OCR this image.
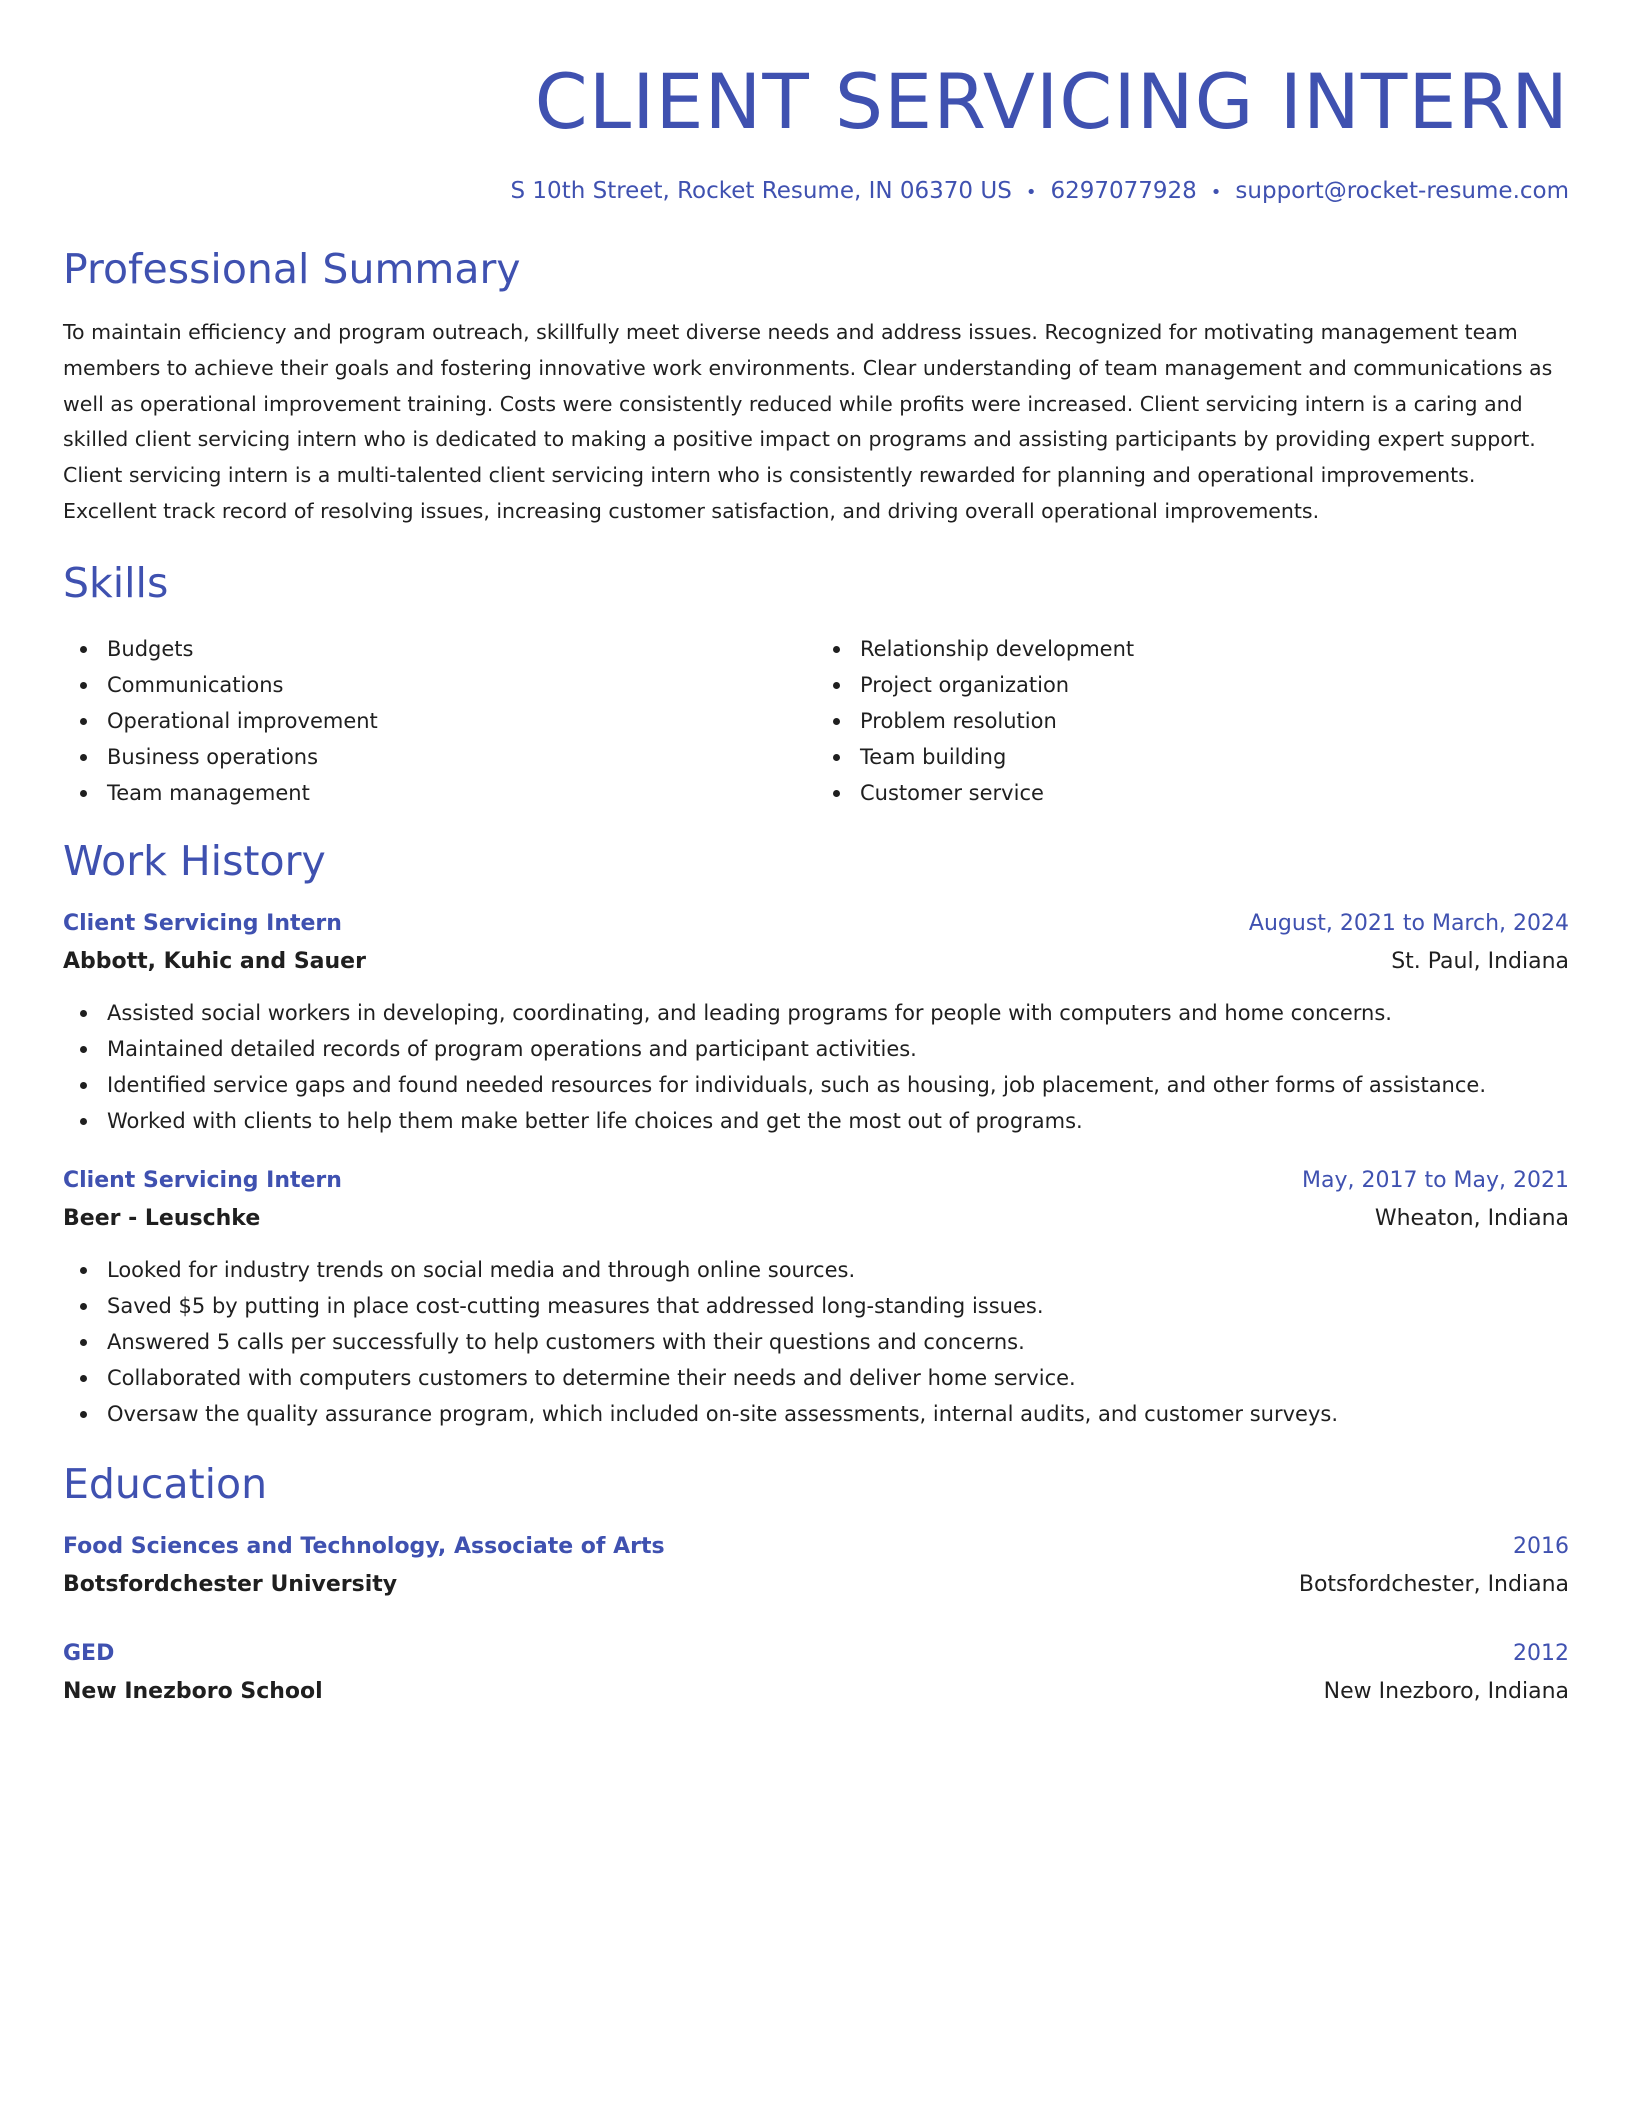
CLIENT SERVICING INTERN
S 10th Street, Rocket Resume, IN 06370 US • 6297077928 • support@rocket-resume.com
Professional Summary
To maintain efficiency and program outreach, skillfully meet diverse needs and address issues. Recognized for motivating management team members to achieve their goals and fostering innovative work environments. Clear understanding of team management and communications as well as operational improvement training. Costs were consistently reduced while profits were increased. Client servicing intern is a caring and skilled client servicing intern who is dedicated to making a positive impact on programs and assisting participants by providing expert support. Client servicing intern is a multi-talented client servicing intern who is consistently rewarded for planning and operational improvements. Excellent track record of resolving issues, increasing customer satisfaction, and driving overall operational improvements.
Skills
Budgets
Communications
Operational improvement
Business operations
Team management
Relationship development
Project organization
Problem resolution
Team building
Customer service
Work History
Client Servicing Intern	August, 2021 to March, 2024
Abbott, Kuhic and Sauer	St. Paul, Indiana
Assisted social workers in developing, coordinating, and leading programs for people with computers and home concerns.
Maintained detailed records of program operations and participant activities.
Identified service gaps and found needed resources for individuals, such as housing, job placement, and other forms of assistance.
Worked with clients to help them make better life choices and get the most out of programs.
Client Servicing Intern	May, 2017 to May, 2021
Beer - Leuschke	Wheaton, Indiana
Looked for industry trends on social media and through online sources.
Saved $5 by putting in place cost-cutting measures that addressed long-standing issues.
Answered 5 calls per successfully to help customers with their questions and concerns.
Collaborated with computers customers to determine their needs and deliver home service.
Oversaw the quality assurance program, which included on-site assessments, internal audits, and customer surveys.
Education
Food Sciences and Technology, Associate of Arts	2016
Botsfordchester University	Botsfordchester, Indiana
GED	2012
New Inezboro School	New Inezboro, Indiana
